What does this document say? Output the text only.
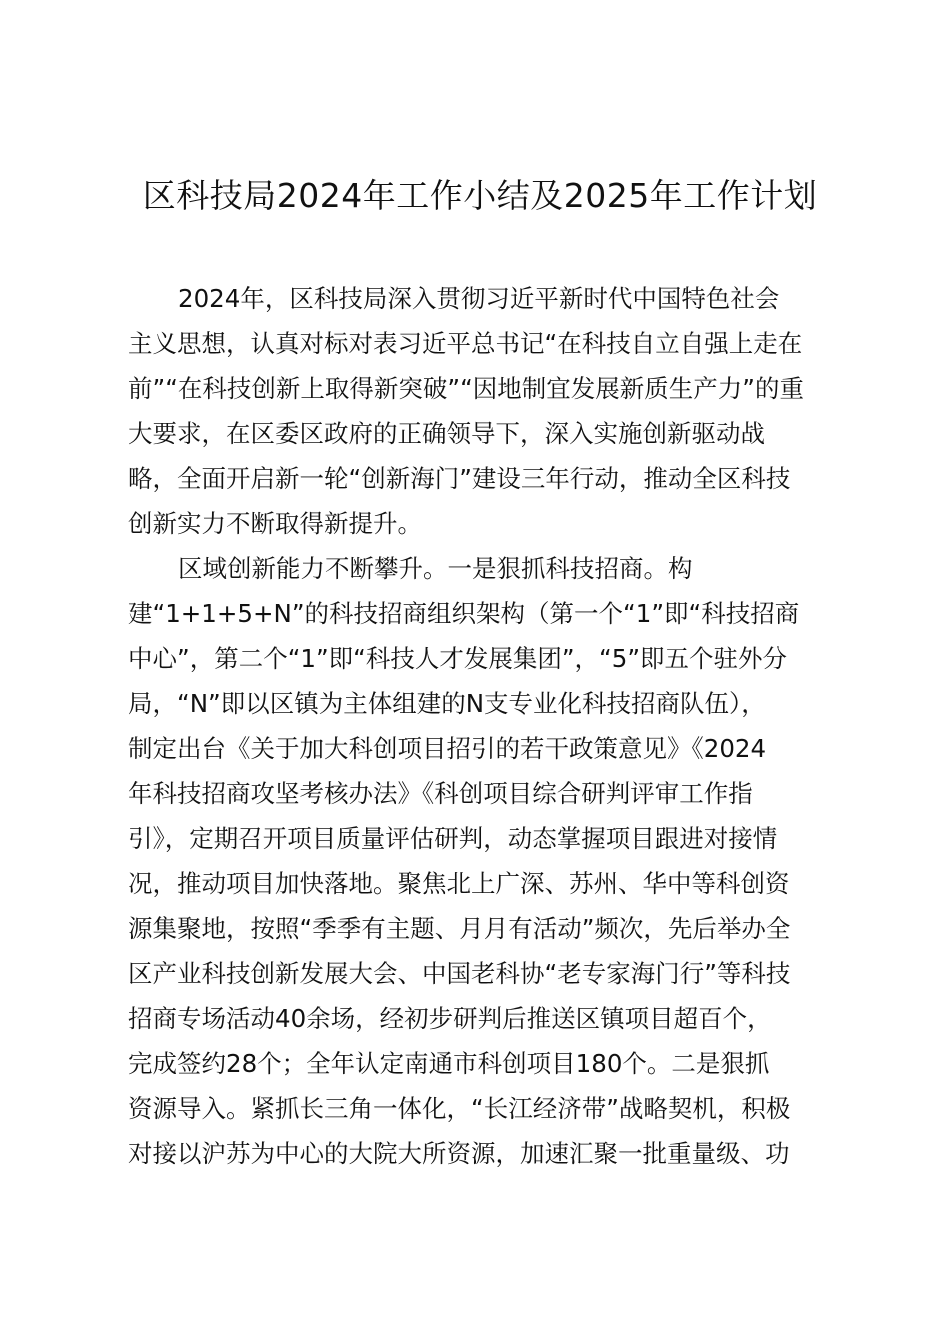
区科技局2024年工作小结及2025年工作计划
2024年，区科技局深入贯彻习近平新时代中国特色社会
主义思想，认真对标对表习近平总书记“在科技自立自强上走在
前”“在科技创新上取得新突破”“因地制宜发展新质生产力”的重
大要求，在区委区政府的正确领导下，深入实施创新驱动战
略，全面开启新一轮“创新海门”建设三年行动，推动全区科技
创新实力不断取得新提升。
区域创新能力不断攀升。一是狠抓科技招商。构
建“1+1+5+N”的科技招商组织架构（第一个“1”即“科技招商
中心”，第二个“1”即“科技人才发展集团”，“5”即五个驻外分
局，“N”即以区镇为主体组建的N支专业化科技招商队伍），
制定出台《关于加大科创项目招引的若干政策意见》《2024
年科技招商攻坚考核办法》《科创项目综合研判评审工作指
引》，定期召开项目质量评估研判，动态掌握项目跟进对接情
况，推动项目加快落地。聚焦北上广深、苏州、华中等科创资
源集聚地，按照“季季有主题、月月有活动”频次，先后举办全
区产业科技创新发展大会、中国老科协“老专家海门行”等科技
招商专场活动40余场，经初步研判后推送区镇项目超百个，
完成签约28个；全年认定南通市科创项目180个。二是狠抓
资源导入。紧抓长三角一体化，“长江经济带”战略契机，积极
对接以沪苏为中心的大院大所资源，加速汇聚一批重量级、功
